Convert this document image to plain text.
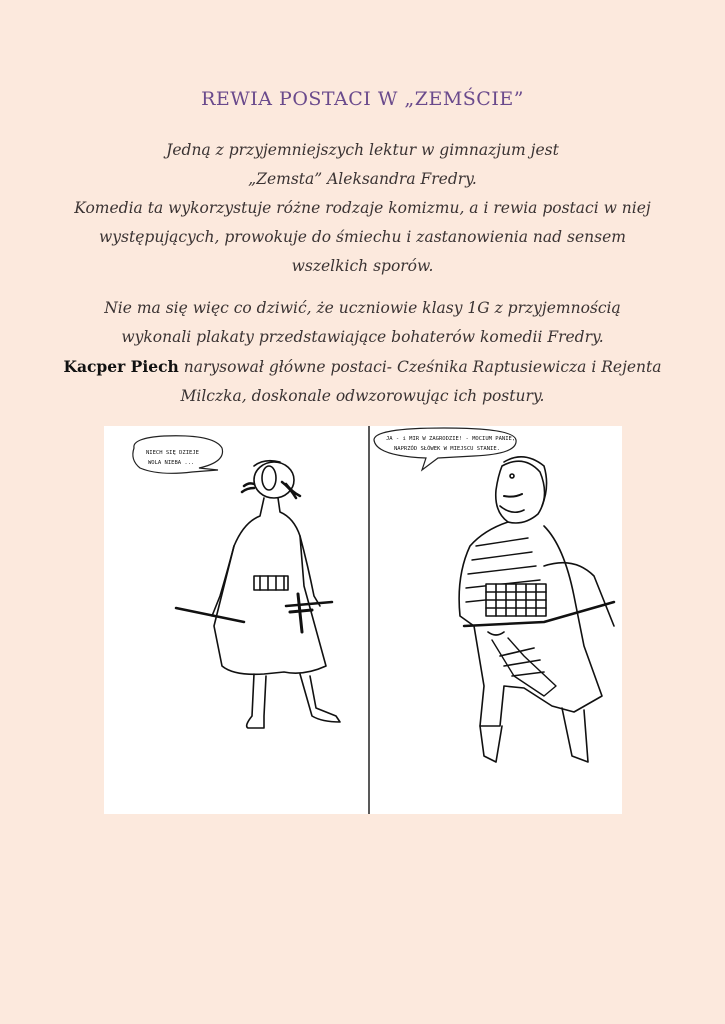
REWIA POSTACI W „ZEMŚCIE”
Jedną z przyjemniejszych lektur w gimnazjum jest
„Zemsta” Aleksandra Fredry.
Komedia ta wykorzystuje różne rodzaje komizmu, a i rewia postaci w niej
występujących, prowokuje do śmiechu i zastanowienia nad sensem
wszelkich sporów.
Nie ma się więc co dziwić, że uczniowie klasy 1G z przyjemnością
wykonali plakaty przedstawiające bohaterów komedii Fredry.
Kacper Piech narysował główne postaci- Cześnika Raptusiewicza i Rejenta
Milczka, doskonale odwzorowując ich postury.
NIECH SIĘ DZIEJE
WOLA NIEBA ...
JA - i MIR W ZAGRODZIE! - MOCIUM PANIE,
NAPRZÓD SŁÓWEK W MIEJSCU STANIE.
